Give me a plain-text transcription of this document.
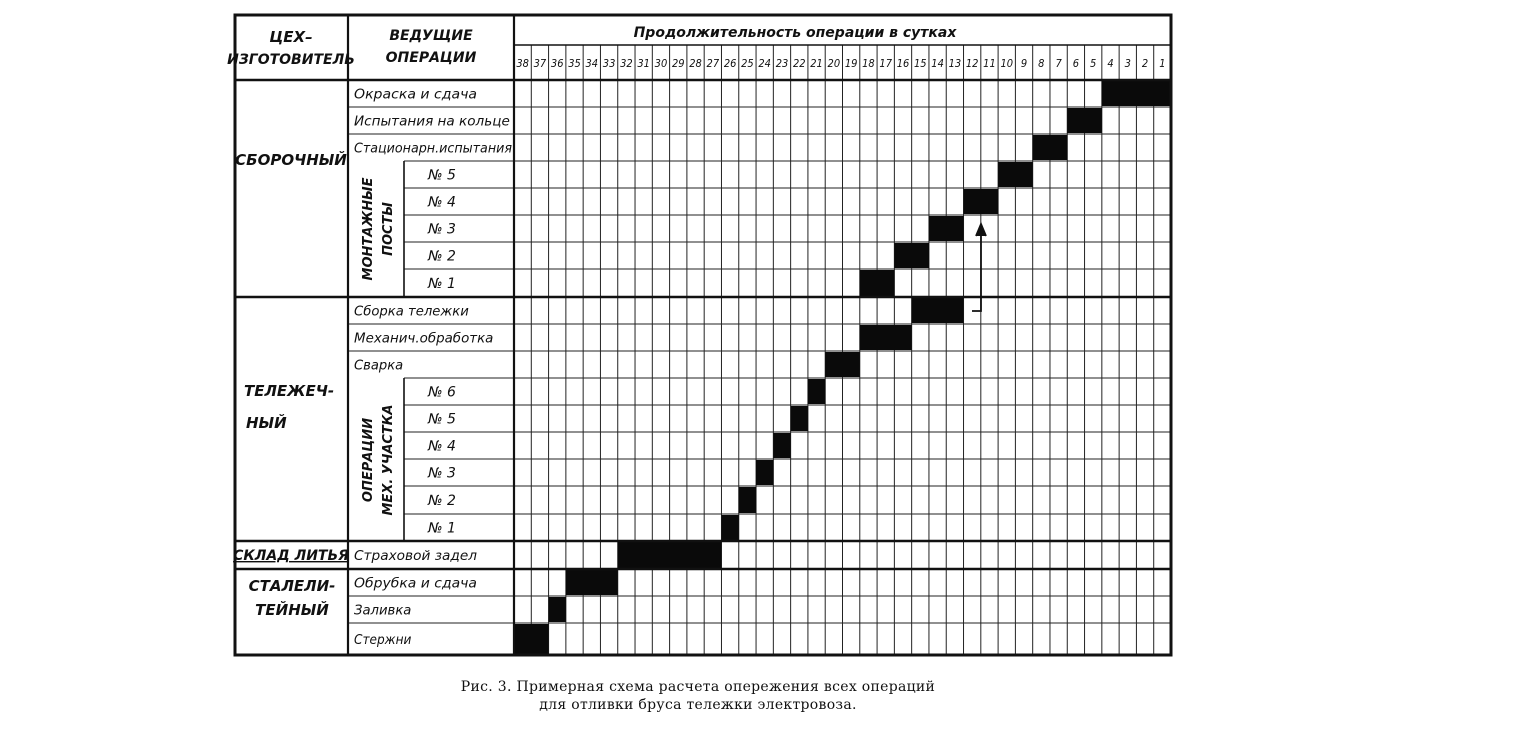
ЦЕХ–
ИЗГОТОВИТЕЛЬ
ВЕДУЩИЕ
ОПЕРАЦИИ
Продолжительность операции в сутках
38 37 36 35 34 33 32 31 30 29 28 27 26 25 24 23 22 21 20 19 18 17 16 15 14 13 12 11 10 9 8 7 6 5 4 3 2 1
СБОРОЧНЫЙ
ТЕЛЕЖЕЧ-
НЫЙ
СКЛАД ЛИТЬЯ
СТАЛЕЛИ-
ТЕЙНЫЙ
МОНТАЖНЫЕ ПОСТЫ
ОПЕРАЦИИ МЕХ. УЧАСТКА
Окраска и сдача
Испытания на кольце
Стационарн.испытания
№ 5
№ 4
№ 3
№ 2
№ 1
Сборка тележки
Механич.обработка
Сварка
№ 6
№ 5
№ 4
№ 3
№ 2
№ 1
Страховой задел
Обрубка и сдача
Заливка
Стержни
Рис. 3. Примерная схема расчета опережения всех операций
для отливки бруса тележки электровоза.
